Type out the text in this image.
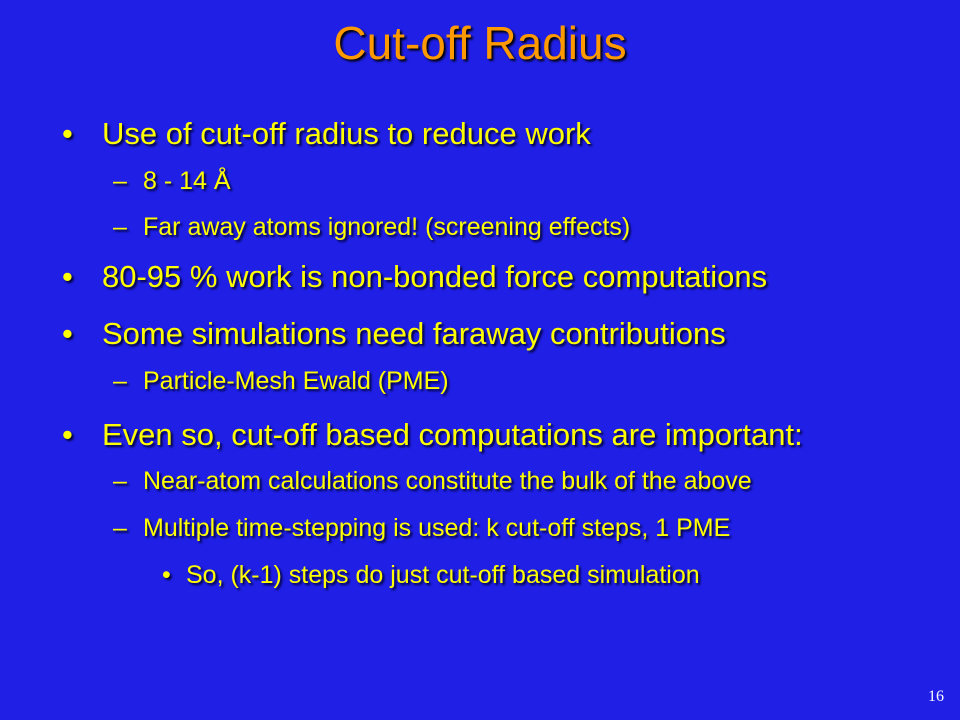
Cut-off Radius
• Use of cut-off radius to reduce work
– 8 - 14 Å
– Far away atoms ignored! (screening effects)
• 80-95 % work is non-bonded force computations
• Some simulations need faraway contributions
– Particle-Mesh Ewald (PME)
• Even so, cut-off based computations are important:
– Near-atom calculations constitute the bulk of the above
– Multiple time-stepping is used: k cut-off steps, 1 PME
• So, (k-1) steps do just cut-off based simulation
16
